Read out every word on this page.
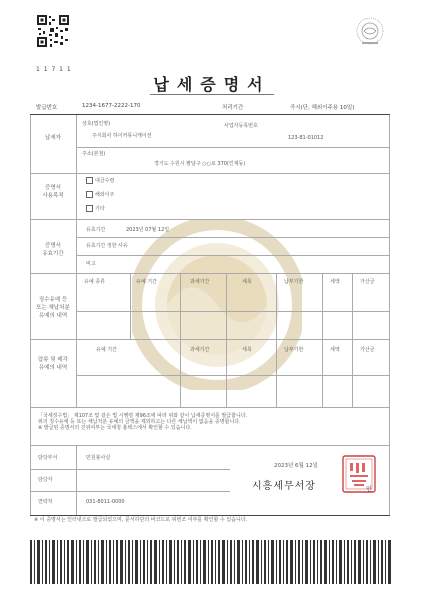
1 1 7 1 1
납세증명서
발급번호	1234-1677-2222-170	처리기간	즉시(단, 해외이주용 10일)
납세자
상호(법인명)
주식회사 하이커뮤니케이션
사업자등록번호
123-81-01012
주소(본점)
경기도 수원시 팔달구 ○○로 370(인계동)
증명서
사용목적
대금수령
해외이주
기타
증명서
유효기간
유효기간	2023년 07월 12일
유효기간 정한 사유
비고
징수유예 등
또는 체납처분
유예의 내역
유예 종류	유예 기간	과세기간	세목	납부기한	세액	가산금
압류 및 매각
유예의 내역
유예 기간	과세기간	세목	납부기한	세액	가산금
「국세징수법」 제107조 및 같은 법 시행령 제96조에 따라 위와 같이 납세증명서를 발급합니다.
위의 징수유예 등 또는 체납처분 유예의 금액을 제외하고는 다른 체납액이 없음을 증명합니다.
※ 발급된 증명서의 진위여부는 국세청 홈택스에서 확인할 수 있습니다.
담당부서	민원봉사실
담당자
연락처	031-8011-0000
2023년 6월 12일
시흥세무서장	인
※ 이 증명서는 인터넷으로 발급되었으며, 문서하단의 바코드로 위변조 여부를 확인할 수 있습니다.
